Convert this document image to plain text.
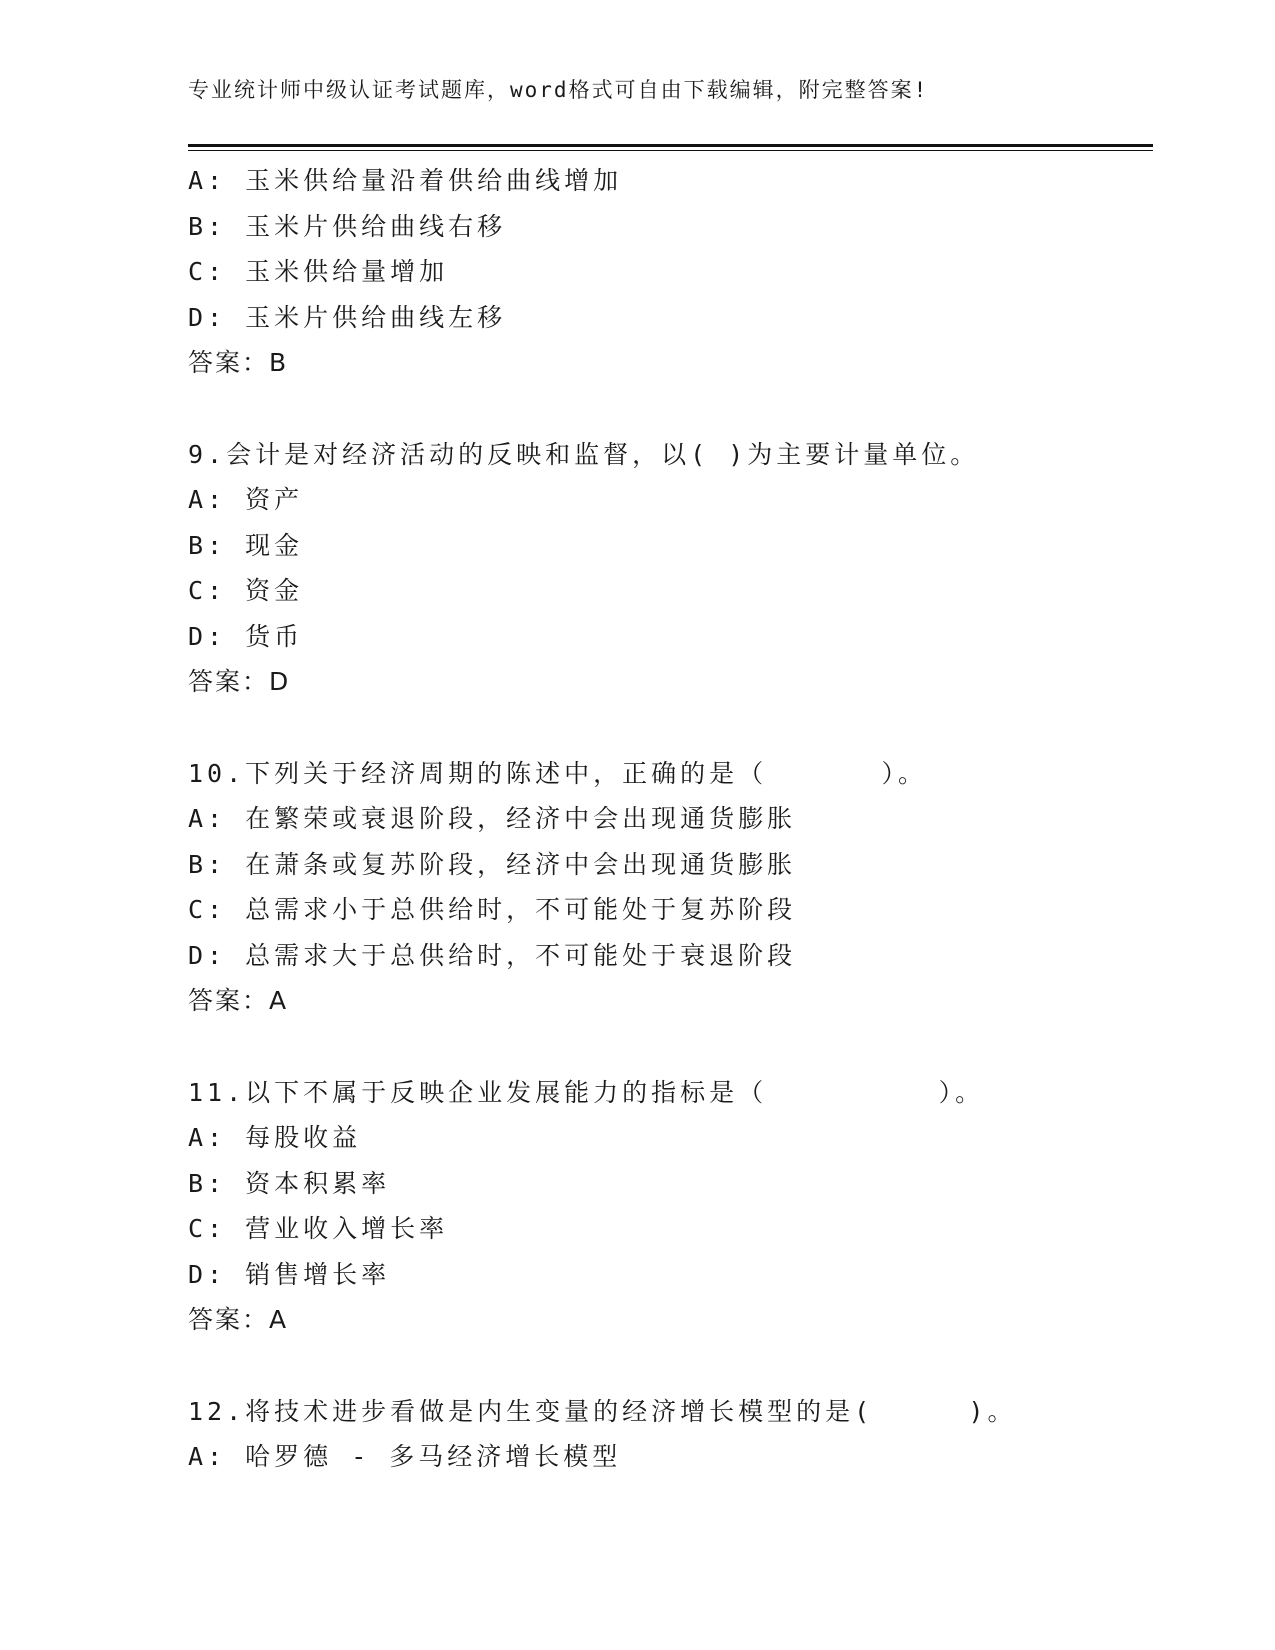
专业统计师中级认证考试题库，word格式可自由下载编辑，附完整答案!
A: 玉米供给量沿着供给曲线增加
B: 玉米片供给曲线右移
C: 玉米供给量增加
D: 玉米片供给曲线左移
答案：B
9.会计是对经济活动的反映和监督，以( )为主要计量单位。
A: 资产
B: 现金
C: 资金
D: 货币
答案：D
10.下列关于经济周期的陈述中，正确的是（      ）。
A: 在繁荣或衰退阶段，经济中会出现通货膨胀
B: 在萧条或复苏阶段，经济中会出现通货膨胀
C: 总需求小于总供给时，不可能处于复苏阶段
D: 总需求大于总供给时，不可能处于衰退阶段
答案：A
11.以下不属于反映企业发展能力的指标是（         ）。
A: 每股收益
B: 资本积累率
C: 营业收入增长率
D: 销售增长率
答案：A
12.将技术进步看做是内生变量的经济增长模型的是(     )。
A: 哈罗德 - 多马经济增长模型
